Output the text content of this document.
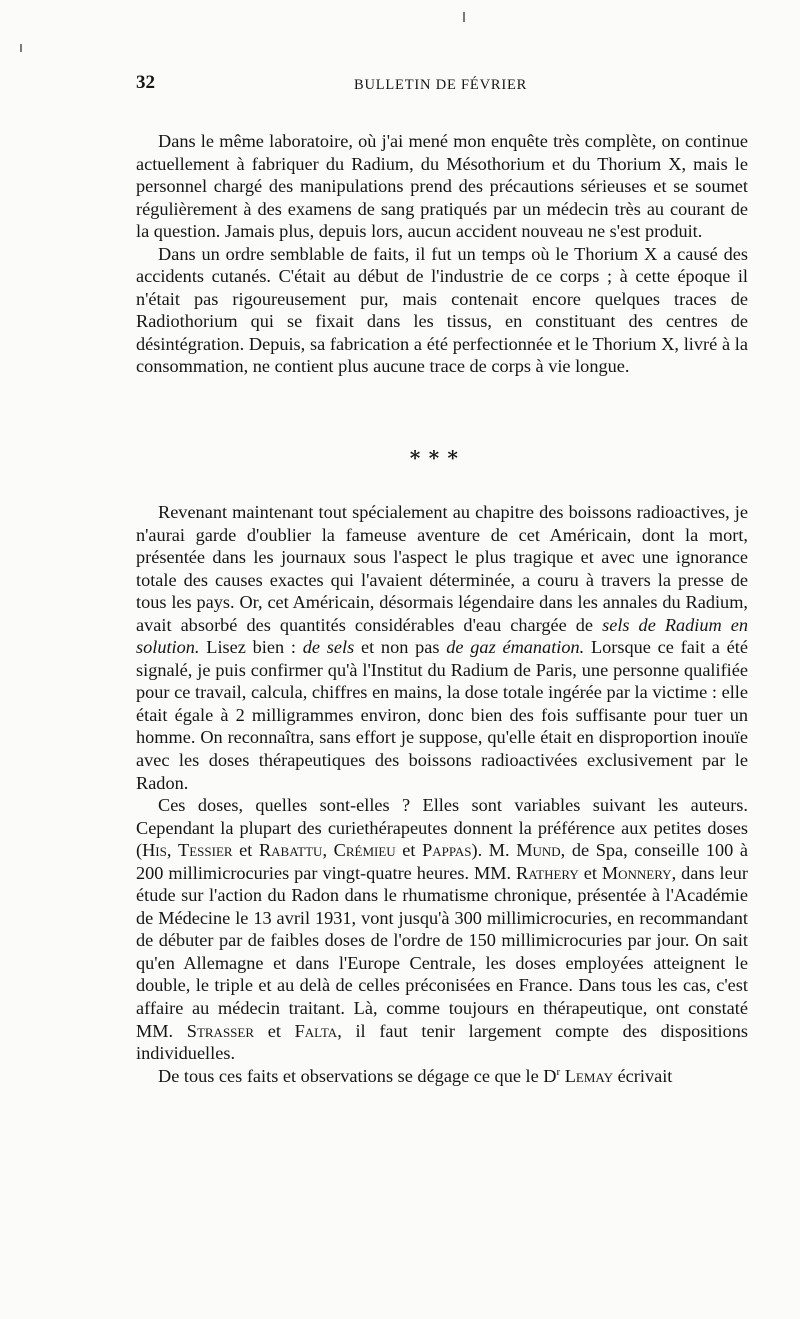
32	BULLETIN DE FÉVRIER

Dans le même laboratoire, où j'ai mené mon enquête très complète, on continue actuellement à fabriquer du Radium, du Mésothorium et du Thorium X, mais le personnel chargé des manipulations prend des précautions sérieuses et se soumet régulièrement à des examens de sang pratiqués par un médecin très au courant de la question. Jamais plus, depuis lors, aucun accident nouveau ne s'est produit.

Dans un ordre semblable de faits, il fut un temps où le Thorium X a causé des accidents cutanés. C'était au début de l'industrie de ce corps ; à cette époque il n'était pas rigoureusement pur, mais contenait encore quelques traces de Radiothorium qui se fixait dans les tissus, en constituant des centres de désintégration. Depuis, sa fabrication a été perfectionnée et le Thorium X, livré à la consommation, ne contient plus aucune trace de corps à vie longue.

∗ ∗ ∗

Revenant maintenant tout spécialement au chapitre des boissons radioactives, je n'aurai garde d'oublier la fameuse aventure de cet Américain, dont la mort, présentée dans les journaux sous l'aspect le plus tragique et avec une ignorance totale des causes exactes qui l'avaient déterminée, a couru à travers la presse de tous les pays. Or, cet Américain, désormais légendaire dans les annales du Radium, avait absorbé des quantités considérables d'eau chargée de sels de Radium en solution. Lisez bien : de sels et non pas de gaz émanation. Lorsque ce fait a été signalé, je puis confirmer qu'à l'Institut du Radium de Paris, une personne qualifiée pour ce travail, calcula, chiffres en mains, la dose totale ingérée par la victime : elle était égale à 2 milligrammes environ, donc bien des fois suffisante pour tuer un homme. On reconnaîtra, sans effort je suppose, qu'elle était en disproportion inouïe avec les doses thérapeutiques des boissons radioactivées exclusivement par le Radon.

Ces doses, quelles sont-elles ? Elles sont variables suivant les auteurs. Cependant la plupart des curiethérapeutes donnent la préférence aux petites doses (His, Tessier et Rabattu, Crémieu et Pappas). M. Mund, de Spa, conseille 100 à 200 millimicrocuries par vingt-quatre heures. MM. Rathery et Monnery, dans leur étude sur l'action du Radon dans le rhumatisme chronique, présentée à l'Académie de Médecine le 13 avril 1931, vont jusqu'à 300 millimicrocuries, en recommandant de débuter par de faibles doses de l'ordre de 150 millimicrocuries par jour. On sait qu'en Allemagne et dans l'Europe Centrale, les doses employées atteignent le double, le triple et au delà de celles préconisées en France. Dans tous les cas, c'est affaire au médecin traitant. Là, comme toujours en thérapeutique, ont constaté MM. Strasser et Falta, il faut tenir largement compte des dispositions individuelles.

De tous ces faits et observations se dégage ce que le $D^r$ Lemay écrivait
